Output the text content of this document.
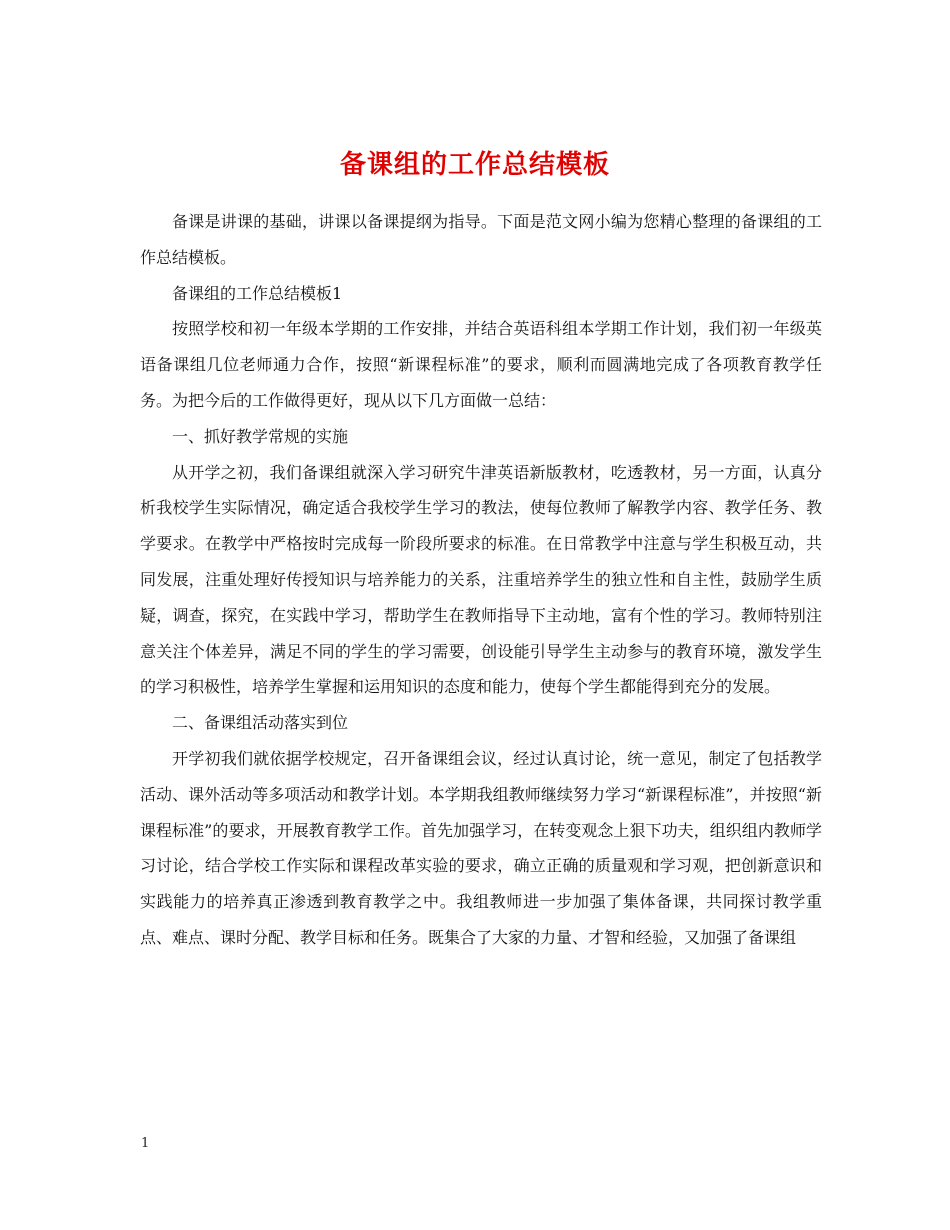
备课组的工作总结模板

备课是讲课的基础，讲课以备课提纲为指导。下面是范文网小编为您精心整理的备课组的工作总结模板。

备课组的工作总结模板1

按照学校和初一年级本学期的工作安排，并结合英语科组本学期工作计划，我们初一年级英语备课组几位老师通力合作，按照“新课程标准”的要求，顺利而圆满地完成了各项教育教学任务。为把今后的工作做得更好，现从以下几方面做一总结：

一、抓好教学常规的实施

从开学之初，我们备课组就深入学习研究牛津英语新版教材，吃透教材，另一方面，认真分析我校学生实际情况，确定适合我校学生学习的教法，使每位教师了解教学内容、教学任务、教学要求。在教学中严格按时完成每一阶段所要求的标准。在日常教学中注意与学生积极互动，共同发展，注重处理好传授知识与培养能力的关系，注重培养学生的独立性和自主性，鼓励学生质疑，调查，探究，在实践中学习，帮助学生在教师指导下主动地，富有个性的学习。教师特别注意关注个体差异，满足不同的学生的学习需要，创设能引导学生主动参与的教育环境，激发学生的学习积极性，培养学生掌握和运用知识的态度和能力，使每个学生都能得到充分的发展。

二、备课组活动落实到位

开学初我们就依据学校规定，召开备课组会议，经过认真讨论，统一意见，制定了包括教学活动、课外活动等多项活动和教学计划。本学期我组教师继续努力学习“新课程标准”，并按照“新课程标准”的要求，开展教育教学工作。首先加强学习，在转变观念上狠下功夫，组织组内教师学习讨论，结合学校工作实际和课程改革实验的要求，确立正确的质量观和学习观，把创新意识和实践能力的培养真正渗透到教育教学之中。我组教师进一步加强了集体备课，共同探讨教学重点、难点、课时分配、教学目标和任务。既集合了大家的力量、才智和经验，又加强了备课组

1
